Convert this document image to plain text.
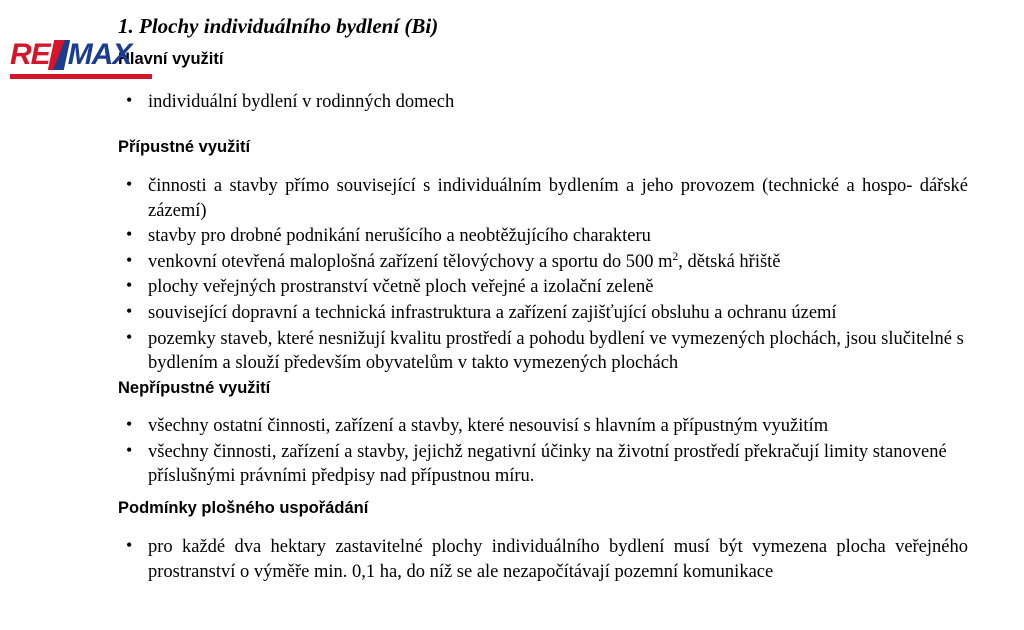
RE MAX
1. Plochy individuálního bydlení (Bi)

Hlavní využití

• individuální bydlení v rodinných domech

Přípustné využití

• činnosti a stavby přímo související s individuálním bydlením a jeho provozem (technické a hospo- dářské zázemí)
• stavby pro drobné podnikání nerušícího a neobtěžujícího charakteru
• venkovní otevřená maloplošná zařízení tělovýchovy a sportu do 500 $m^2$, dětská hřiště
• plochy veřejných prostranství včetně ploch veřejné a izolační zeleně
• související dopravní a technická infrastruktura a zařízení zajišťující obsluhu a ochranu území
• pozemky staveb, které nesnižují kvalitu prostředí a pohodu bydlení ve vymezených plochách, jsou slučitelné s bydlením a slouží především obyvatelům v takto vymezených plochách

Nepřípustné využití

• všechny ostatní činnosti, zařízení a stavby, které nesouvisí s hlavním a přípustným využitím
• všechny činnosti, zařízení a stavby, jejichž negativní účinky na životní prostředí překračují limity stanovené příslušnými právními předpisy nad přípustnou míru.

Podmínky plošného uspořádání

• pro každé dva hektary zastavitelné plochy individuálního bydlení musí být vymezena plocha veřejného prostranství o výměře min. 0,1 ha, do níž se ale nezapočítávají pozemní komunikace
